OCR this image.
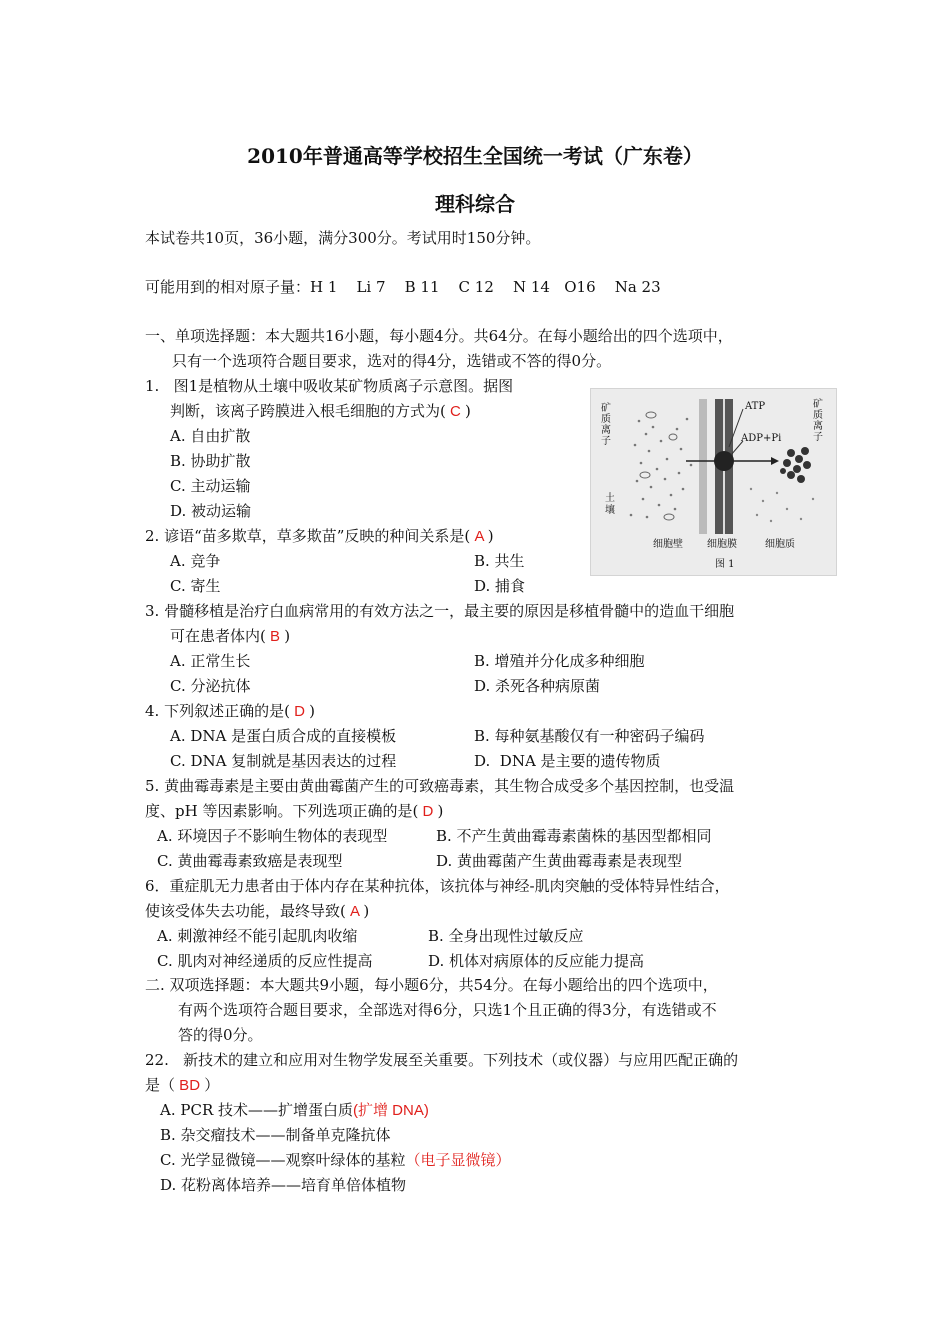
2010年普通高等学校招生全国统一考试（广东卷）
理科综合
本试卷共10页，36小题，满分300分。考试用时150分钟。
可能用到的相对原子量：H 1    Li 7    B 11    C 12    N 14   O16    Na 23
一、单项选择题：本大题共16小题，每小题4分。共64分。在每小题给出的四个选项中，
只有一个选项符合题目要求，选对的得4分，选错或不答的得0分。
1.   图1是植物从土壤中吸收某矿物质离子示意图。据图
判断，该离子跨膜进入根毛细胞的方式为( C )
A. 自由扩散
B. 协助扩散
C. 主动运输
D. 被动运输
矿质离子
土壤
矿质离子
ATP
ADP+Pi
细胞壁 细胞膜	细胞质
图 1
2. 谚语“苗多欺草，草多欺苗”反映的种间关系是( A )
A. 竞争	B. 共生
C. 寄生	D. 捕食
3. 骨髓移植是治疗白血病常用的有效方法之一，最主要的原因是移植骨髓中的造血干细胞
可在患者体内( B )
A. 正常生长	B. 增殖并分化成多种细胞
C. 分泌抗体	D. 杀死各种病原菌
4. 下列叙述正确的是( D )
A. DNA 是蛋白质合成的直接模板	B. 每种氨基酸仅有一种密码子编码
C. DNA 复制就是基因表达的过程	D.  DNA 是主要的遗传物质
5. 黄曲霉毒素是主要由黄曲霉菌产生的可致癌毒素，其生物合成受多个基因控制，也受温
度、pH 等因素影响。下列选项正确的是( D )
A. 环境因子不影响生物体的表现型	B. 不产生黄曲霉毒素菌株的基因型都相同
C. 黄曲霉毒素致癌是表现型	D. 黄曲霉菌产生黄曲霉毒素是表现型
6．重症肌无力患者由于体内存在某种抗体，该抗体与神经-肌肉突触的受体特异性结合，
使该受体失去功能，最终导致( A )
A. 刺激神经不能引起肌肉收缩	B. 全身出现性过敏反应
C. 肌肉对神经递质的反应性提高	D. 机体对病原体的反应能力提高
二. 双项选择题：本大题共9小题，每小题6分，共54分。在每小题给出的四个选项中，
有两个选项符合题目要求，全部选对得6分，只选1个且正确的得3分，有选错或不
答的得0分。
22.   新技术的建立和应用对生物学发展至关重要。下列技术（或仪器）与应用匹配正确的
是（ BD ）
A. PCR 技术——扩增蛋白质(扩增 DNA)
B. 杂交瘤技术——制备单克隆抗体
C. 光学显微镜——观察叶绿体的基粒（电子显微镜）
D. 花粉离体培养——培育单倍体植物
